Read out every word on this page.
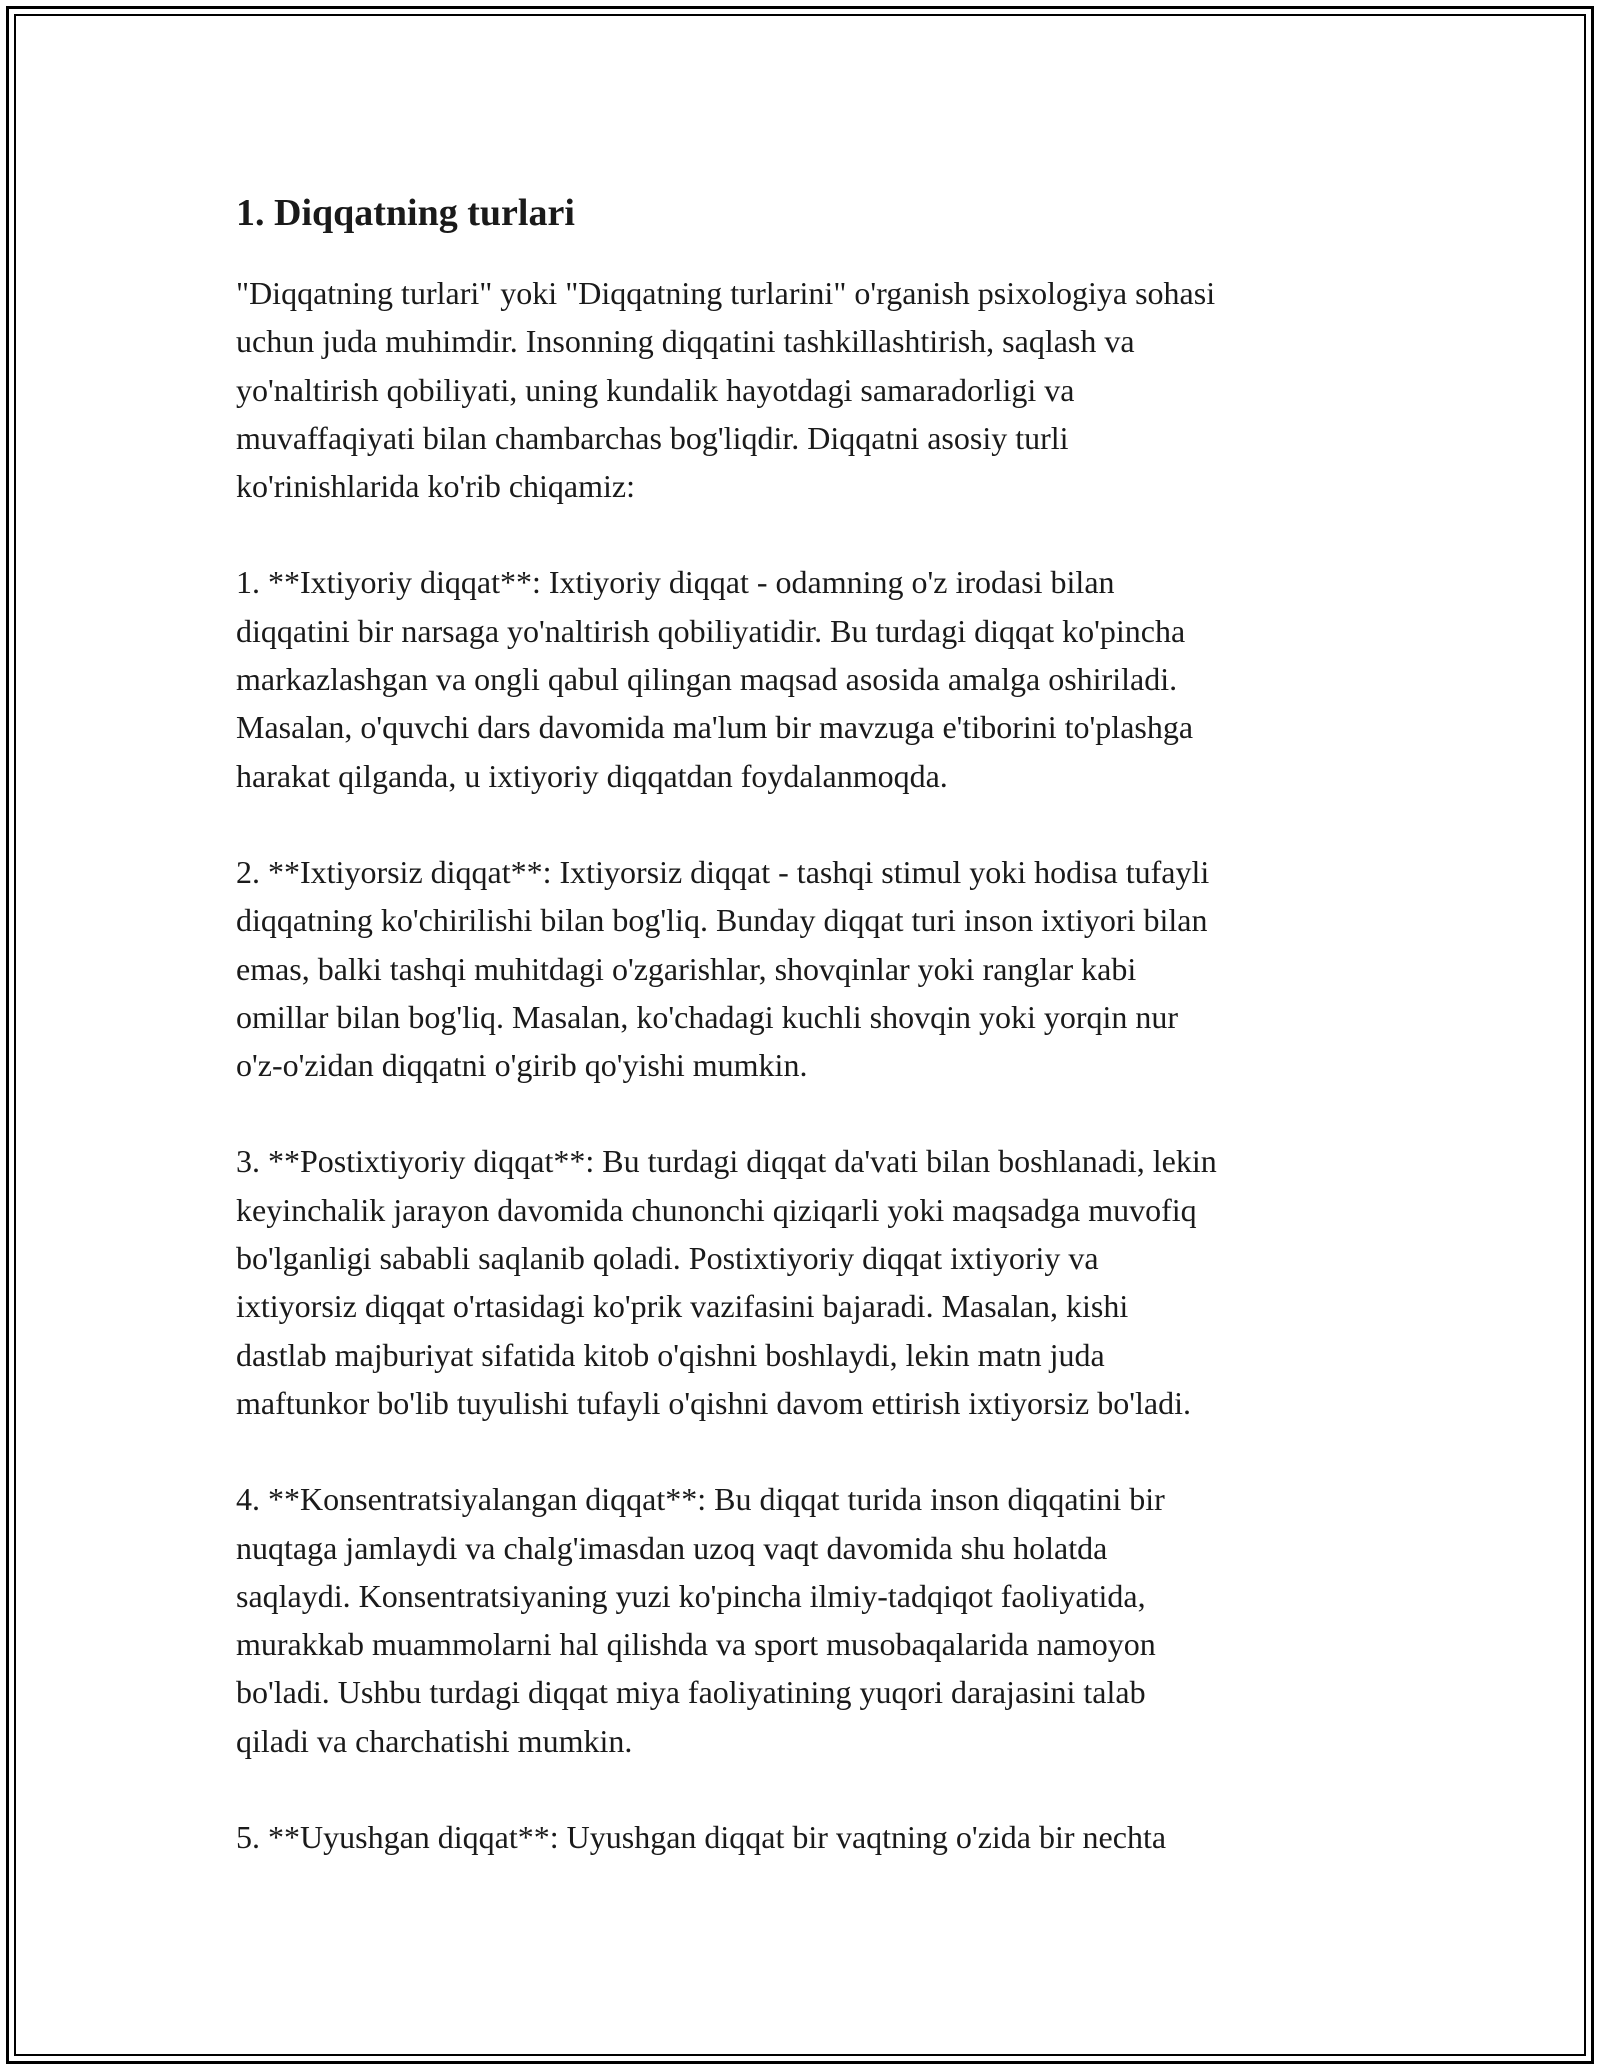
1. Diqqatning turlari

"Diqqatning turlari" yoki "Diqqatning turlarini" o'rganish psixologiya sohasi
uchun juda muhimdir. Insonning diqqatini tashkillashtirish, saqlash va
yo'naltirish qobiliyati, uning kundalik hayotdagi samaradorligi va
muvaffaqiyati bilan chambarchas bog'liqdir. Diqqatni asosiy turli
ko'rinishlarida ko'rib chiqamiz:

1. **Ixtiyoriy diqqat**: Ixtiyoriy diqqat - odamning o'z irodasi bilan
diqqatini bir narsaga yo'naltirish qobiliyatidir. Bu turdagi diqqat ko'pincha
markazlashgan va ongli qabul qilingan maqsad asosida amalga oshiriladi.
Masalan, o'quvchi dars davomida ma'lum bir mavzuga e'tiborini to'plashga
harakat qilganda, u ixtiyoriy diqqatdan foydalanmoqda.

2. **Ixtiyorsiz diqqat**: Ixtiyorsiz diqqat - tashqi stimul yoki hodisa tufayli
diqqatning ko'chirilishi bilan bog'liq. Bunday diqqat turi inson ixtiyori bilan
emas, balki tashqi muhitdagi o'zgarishlar, shovqinlar yoki ranglar kabi
omillar bilan bog'liq. Masalan, ko'chadagi kuchli shovqin yoki yorqin nur
o'z-o'zidan diqqatni o'girib qo'yishi mumkin.

3. **Postixtiyoriy diqqat**: Bu turdagi diqqat da'vati bilan boshlanadi, lekin
keyinchalik jarayon davomida chunonchi qiziqarli yoki maqsadga muvofiq
bo'lganligi sababli saqlanib qoladi. Postixtiyoriy diqqat ixtiyoriy va
ixtiyorsiz diqqat o'rtasidagi ko'prik vazifasini bajaradi. Masalan, kishi
dastlab majburiyat sifatida kitob o'qishni boshlaydi, lekin matn juda
maftunkor bo'lib tuyulishi tufayli o'qishni davom ettirish ixtiyorsiz bo'ladi.

4. **Konsentratsiyalangan diqqat**: Bu diqqat turida inson diqqatini bir
nuqtaga jamlaydi va chalg'imasdan uzoq vaqt davomida shu holatda
saqlaydi. Konsentratsiyaning yuzi ko'pincha ilmiy-tadqiqot faoliyatida,
murakkab muammolarni hal qilishda va sport musobaqalarida namoyon
bo'ladi. Ushbu turdagi diqqat miya faoliyatining yuqori darajasini talab
qiladi va charchatishi mumkin.

5. **Uyushgan diqqat**: Uyushgan diqqat bir vaqtning o'zida bir nechta
